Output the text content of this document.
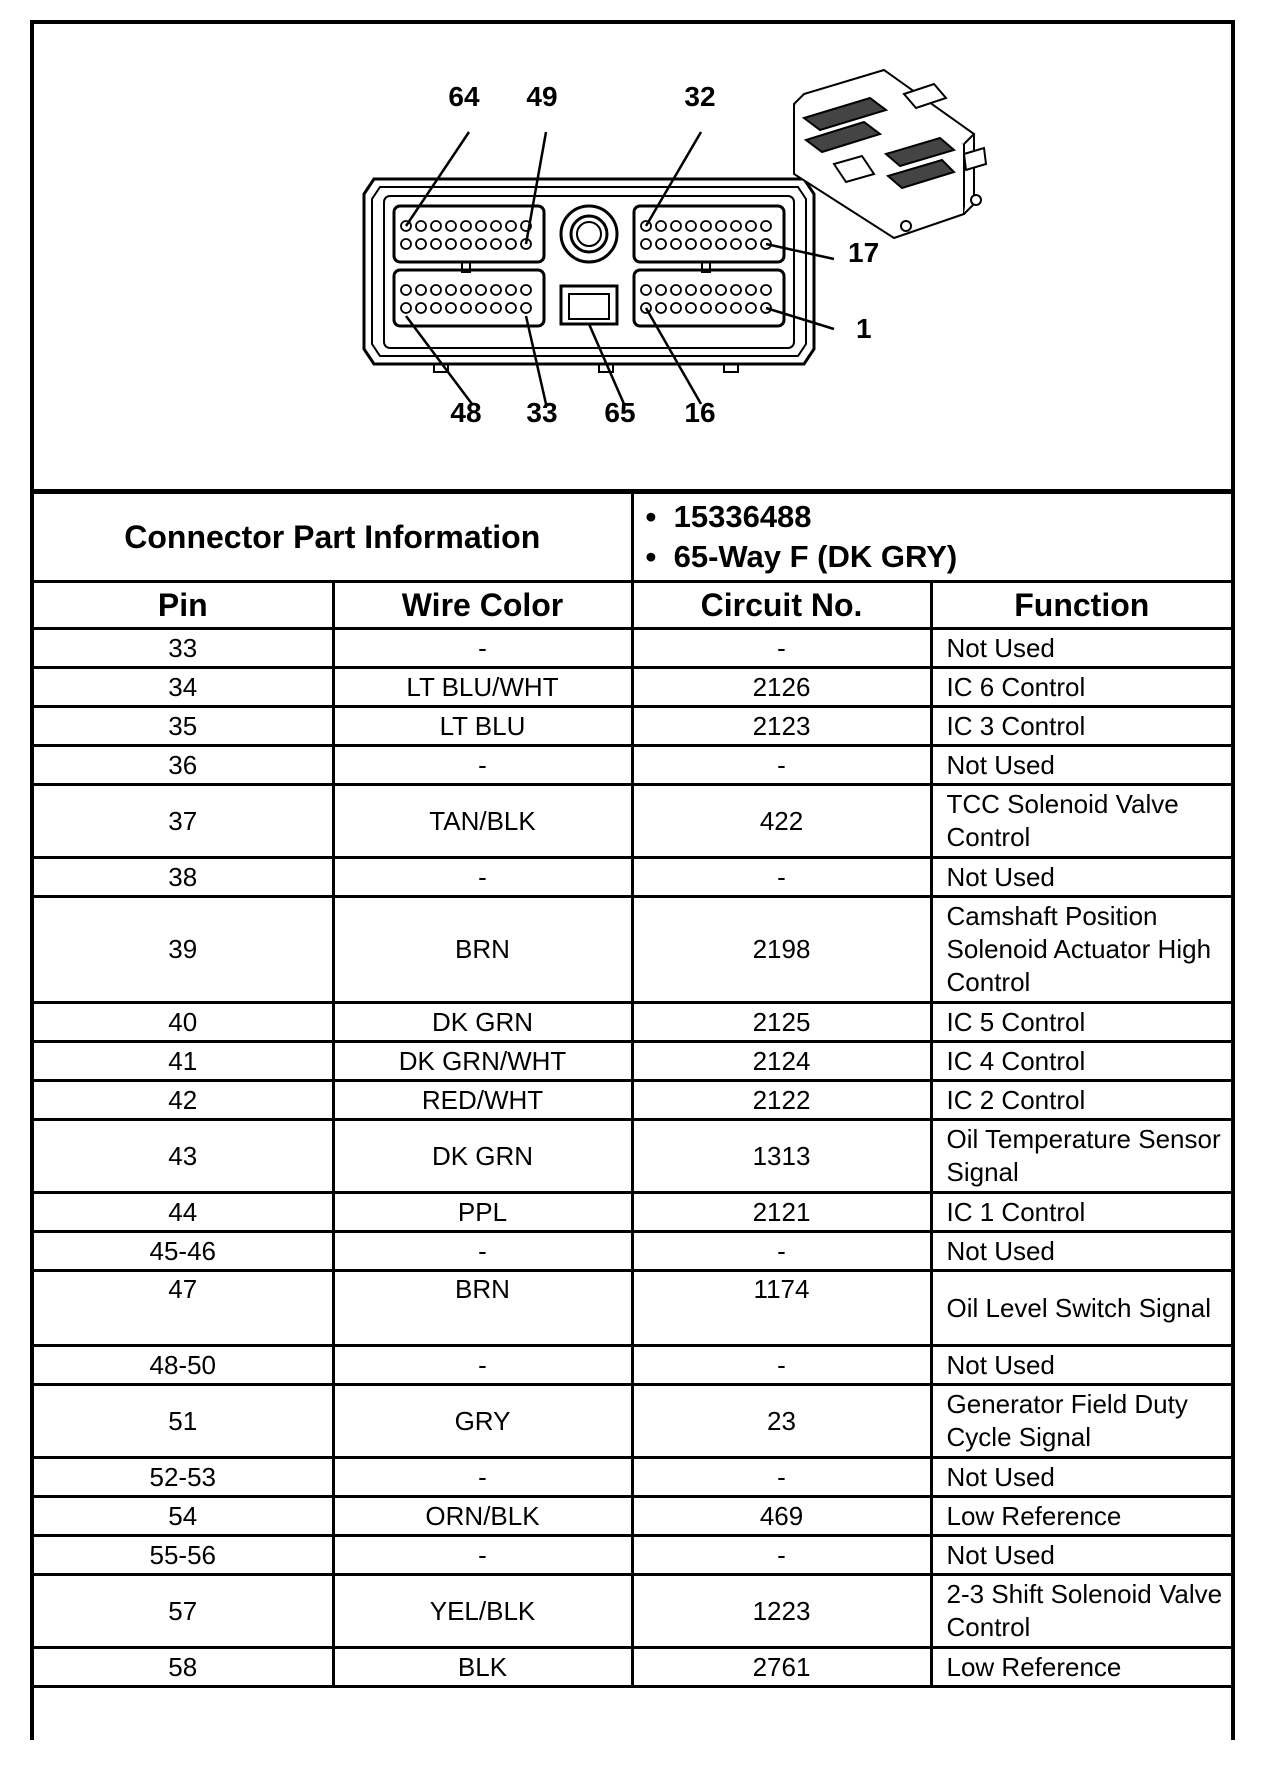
64 49	32
17
1
48 33 65 16
Connector Part Information		•  15336488
•  65-Way F (DK GRY)	

Pin	Wire Color	Circuit No.	Function
33	-	-	Not Used
34	LT BLU/WHT	2126	IC 6 Control
35	LT BLU	2123	IC 3 Control
36	-	-	Not Used
37	TAN/BLK	422	TCC Solenoid Valve Control
38	-	-	Not Used
39	BRN	2198	Camshaft Position Solenoid Actuator High Control
40	DK GRN	2125	IC 5 Control
41	DK GRN/WHT	2124	IC 4 Control
42	RED/WHT	2122	IC 2 Control
43	DK GRN	1313	Oil Temperature Sensor Signal
44	PPL	2121	IC 1 Control
45-46	-	-	Not Used
47	BRN	1174	Oil Level Switch Signal
48-50	-	-	Not Used
51	GRY	23	Generator Field Duty Cycle Signal
52-53	-	-	Not Used
54	ORN/BLK	469	Low Reference
55-56	-	-	Not Used
57	YEL/BLK	1223	2-3 Shift Solenoid Valve Control
58	BLK	2761	Low Reference
